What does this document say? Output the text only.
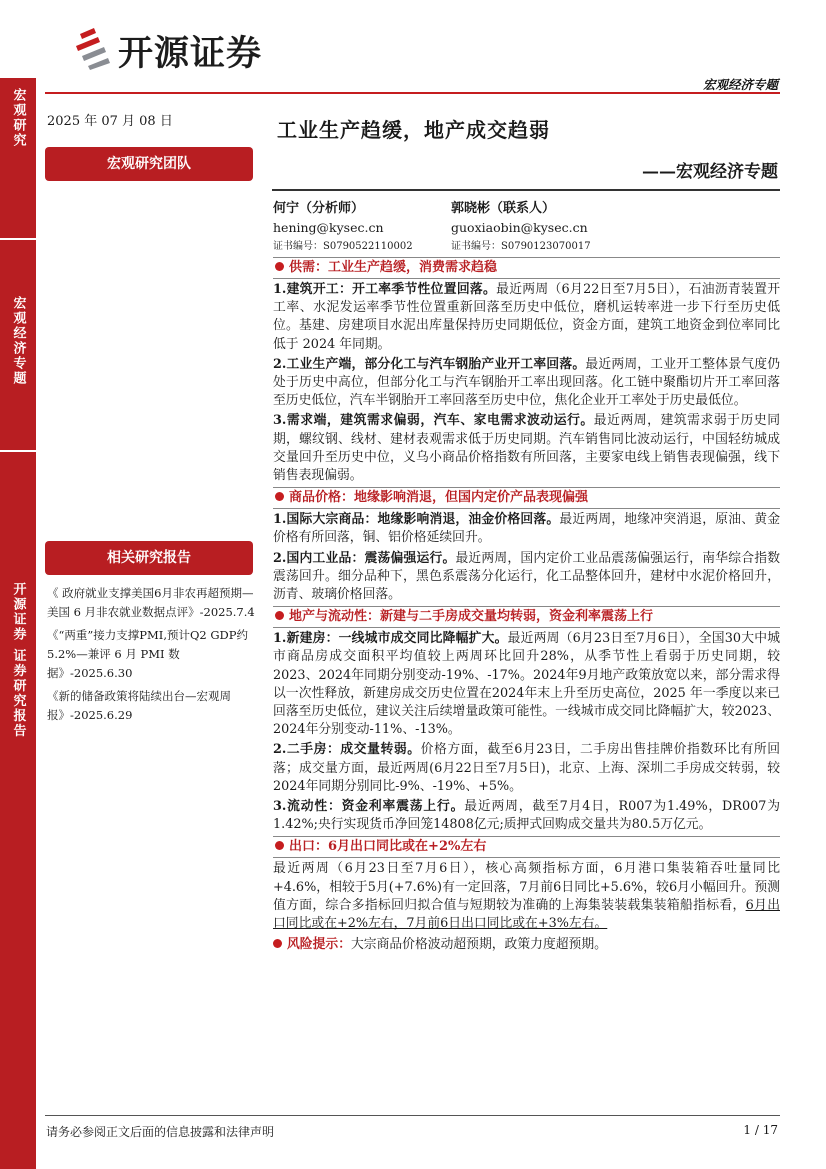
开源证券
宏观经济专题
宏观研究
宏观经济专题
开源证券 证券研究报告
2025 年 07 月 08 日
宏观研究团队
相关研究报告
《 政府就业支撑美国6月非农再超预期—美国 6 月非农就业数据点评》-2025.7.4
《“两重”接力支撑PMI,预计Q2 GDP约 5.2%—兼评 6 月 PMI 数据》-2025.6.30
《新的储备政策将陆续出台—宏观周报》-2025.6.29
工业生产趋缓，地产成交趋弱
——宏观经济专题
何宁（分析师）
hening@kysec.cn
证书编号：S0790522110002
郭晓彬（联系人）
guoxiaobin@kysec.cn
证书编号：S0790123070017
供需：工业生产趋缓，消费需求趋稳
1.建筑开工：开工率季节性位置回落。最近两周（6月22日至7月5日），石油沥青装置开工率、水泥发运率季节性位置重新回落至历史中低位，磨机运转率进一步下行至历史低位。基建、房建项目水泥出库量保持历史同期低位，资金方面，建筑工地资金到位率同比低于 2024 年同期。
2.工业生产端，部分化工与汽车钢胎产业开工率回落。最近两周，工业开工整体景气度仍处于历史中高位，但部分化工与汽车钢胎开工率出现回落。化工链中聚酯切片开工率回落至历史低位，汽车半钢胎开工率回落至历史中位，焦化企业开工率处于历史最低位。
3.需求端，建筑需求偏弱，汽车、家电需求波动运行。最近两周，建筑需求弱于历史同期，螺纹钢、线材、建材表观需求低于历史同期。汽车销售同比波动运行，中国轻纺城成交量回升至历史中位，义乌小商品价格指数有所回落，主要家电线上销售表现偏强，线下销售表现偏弱。
商品价格：地缘影响消退，但国内定价产品表现偏强
1.国际大宗商品：地缘影响消退，油金价格回落。最近两周，地缘冲突消退，原油、黄金价格有所回落，铜、铝价格延续回升。
2.国内工业品：震荡偏强运行。最近两周，国内定价工业品震荡偏强运行，南华综合指数震荡回升。细分品种下，黑色系震荡分化运行，化工品整体回升，建材中水泥价格回升，沥青、玻璃价格回落。
地产与流动性：新建与二手房成交量均转弱，资金利率震荡上行
1.新建房：一线城市成交同比降幅扩大。最近两周（6月23日至7月6日），全国30大中城市商品房成交面积平均值较上两周环比回升28%，从季节性上看弱于历史同期，较2023、2024年同期分别变动-19%、-17%。2024年9月地产政策放宽以来，部分需求得以一次性释放，新建房成交历史位置在2024年末上升至历史高位，2025 年一季度以来已回落至历史低位，建议关注后续增量政策可能性。一线城市成交同比降幅扩大，较2023、2024年分别变动-11%、-13%。
2.二手房：成交量转弱。价格方面，截至6月23日，二手房出售挂牌价指数环比有所回落；成交量方面，最近两周(6月22日至7月5日)，北京、上海、深圳二手房成交转弱，较2024年同期分别同比-9%、-19%、+5%。
3.流动性：资金利率震荡上行。最近两周，截至7月4日，R007为1.49%，DR007为1.42%;央行实现货币净回笼14808亿元;质押式回购成交量共为80.5万亿元。
出口：6月出口同比或在+2%左右
最近两周（6月23日至7月6日），核心高频指标方面，6月港口集装箱吞吐量同比+4.6%，相较于5月(+7.6%)有一定回落，7月前6日同比+5.6%，较6月小幅回升。预测值方面，综合多指标回归拟合值与短期较为准确的上海集装装载集装箱船指标看，6月出口同比或在+2%左右，7月前6日出口同比或在+3%左右。
风险提示：大宗商品价格波动超预期，政策力度超预期。
请务必参阅正文后面的信息披露和法律声明	1 / 17
